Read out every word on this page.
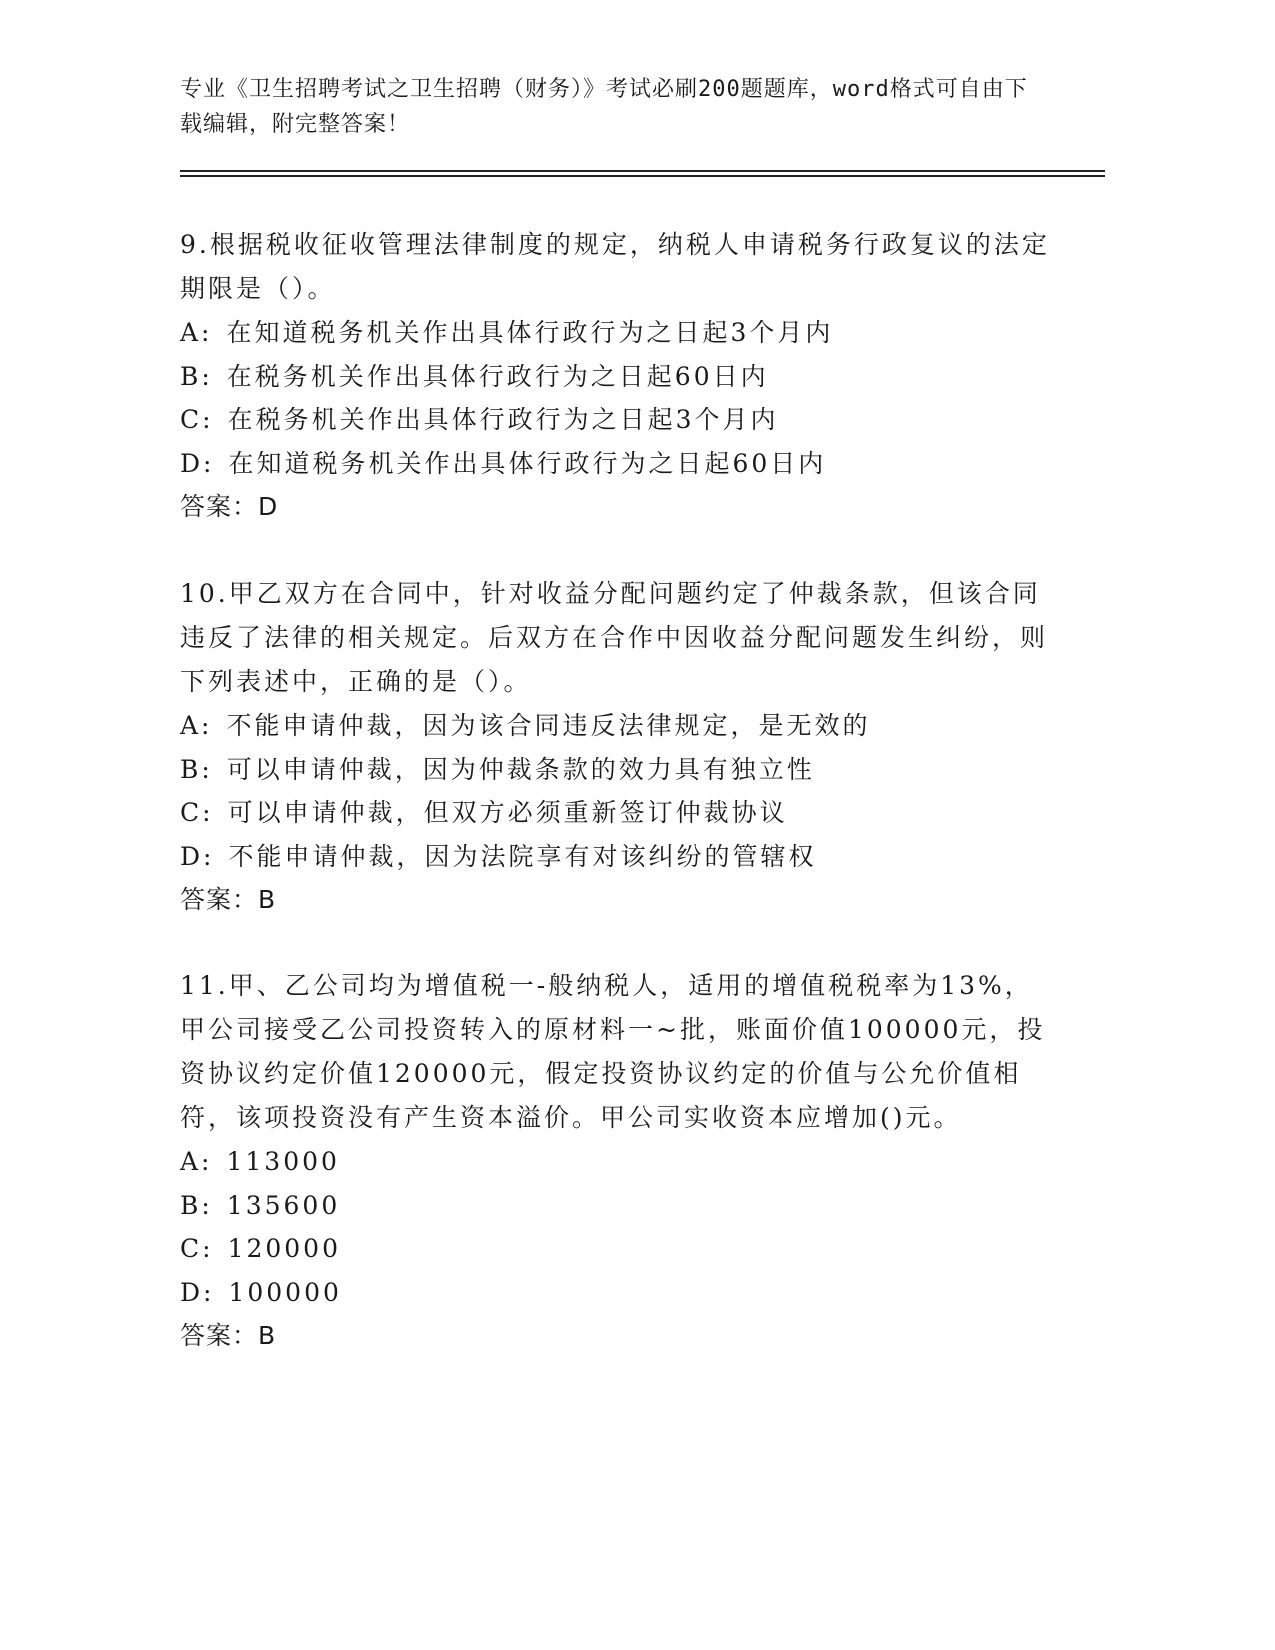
专业《卫生招聘考试之卫生招聘（财务）》考试必刷200题题库，word格式可自由下载编辑，附完整答案！

9.根据税收征收管理法律制度的规定，纳税人申请税务行政复议的法定期限是（）。

A: 在知道税务机关作出具体行政行为之日起3个月内

B: 在税务机关作出具体行政行为之日起60日内

C: 在税务机关作出具体行政行为之日起3个月内

D: 在知道税务机关作出具体行政行为之日起60日内

答案：D

10.甲乙双方在合同中，针对收益分配问题约定了仲裁条款，但该合同违反了法律的相关规定。后双方在合作中因收益分配问题发生纠纷，则下列表述中，正确的是（）。

A: 不能申请仲裁，因为该合同违反法律规定，是无效的

B: 可以申请仲裁，因为仲裁条款的效力具有独立性

C: 可以申请仲裁，但双方必须重新签订仲裁协议

D: 不能申请仲裁，因为法院享有对该纠纷的管辖权

答案：B

11.甲、乙公司均为增值税一-般纳税人，适用的增值税税率为13%，甲公司接受乙公司投资转入的原材料一~批，账面价值100000元，投资协议约定价值120000元，假定投资协议约定的价值与公允价值相符，该项投资没有产生资本溢价。甲公司实收资本应增加()元。

A: 113000

B: 135600

C: 120000

D: 100000

答案：B
